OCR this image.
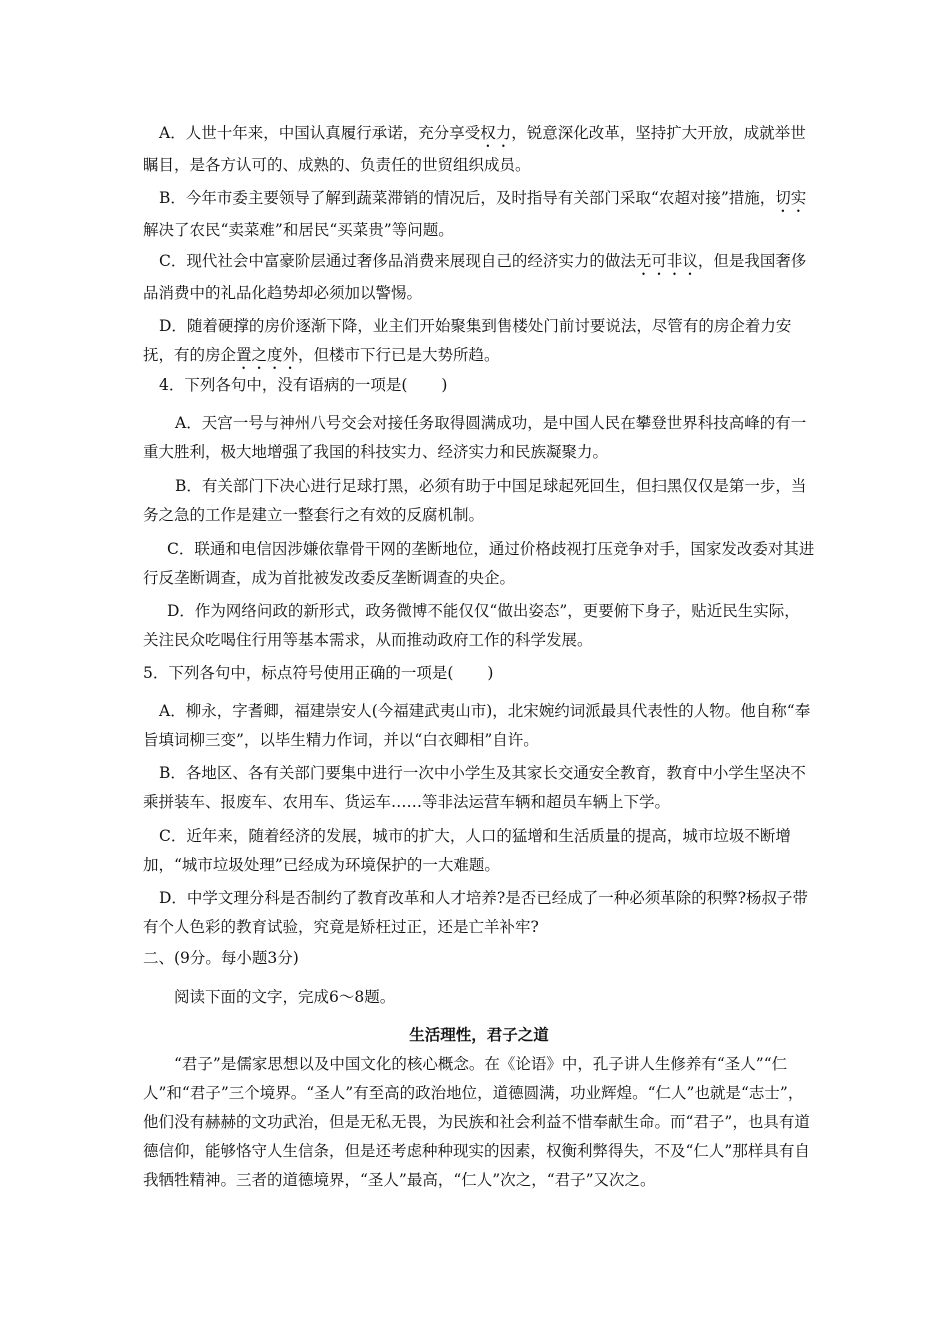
A．人世十年来，中国认真履行承诺，充分享受权力，锐意深化改革，坚持扩大开放，成就举世瞩目，是各方认可的、成熟的、负责任的世贸组织成员。

B．今年市委主要领导了解到蔬菜滞销的情况后，及时指导有关部门采取“农超对接”措施，切实解决了农民“卖菜难”和居民“买菜贵”等问题。

C．现代社会中富豪阶层通过奢侈品消费来展现自己的经济实力的做法无可非议，但是我国奢侈品消费中的礼品化趋势却必须加以警惕。

D．随着硬撑的房价逐渐下降，业主们开始聚集到售楼处门前讨要说法，尽管有的房企着力安抚，有的房企置之度外，但楼市下行已是大势所趋。

4．下列各句中，没有语病的一项是( )

A．天宫一号与神州八号交会对接任务取得圆满成功，是中国人民在攀登世界科技高峰的有一重大胜利，极大地增强了我国的科技实力、经济实力和民族凝聚力。

B．有关部门下决心进行足球打黑，必须有助于中国足球起死回生，但扫黑仅仅是第一步，当务之急的工作是建立一整套行之有效的反腐机制。

C．联通和电信因涉嫌依靠骨干网的垄断地位，通过价格歧视打压竞争对手，国家发改委对其进行反垄断调查，成为首批被发改委反垄断调查的央企。

D．作为网络问政的新形式，政务微博不能仅仅“做出姿态”，更要俯下身子，贴近民生实际，关注民众吃喝住行用等基本需求，从而推动政府工作的科学发展。

5．下列各句中，标点符号使用正确的一项是( )

A．柳永，字耆卿，福建崇安人(今福建武夷山市)，北宋婉约词派最具代表性的人物。他自称“奉旨填词柳三变”，以毕生精力作词，并以“白衣卿相”自许。

B．各地区、各有关部门要集中进行一次中小学生及其家长交通安全教育，教育中小学生坚决不乘拼装车、报废车、农用车、货运车……等非法运营车辆和超员车辆上下学。

C．近年来，随着经济的发展，城市的扩大，人口的猛增和生活质量的提高，城市垃圾不断增加，“城市垃圾处理”已经成为环境保护的一大难题。

D．中学文理分科是否制约了教育改革和人才培养?是否已经成了一种必须革除的积弊?杨叔子带有个人色彩的教育试验，究竟是矫枉过正，还是亡羊补牢?

二、(9分。每小题3分)

阅读下面的文字，完成6～8题。

生活理性，君子之道

“君子”是儒家思想以及中国文化的核心概念。在《论语》中，孔子讲人生修养有“圣人”“仁人”和“君子”三个境界。“圣人”有至高的政治地位，道德圆满，功业辉煌。“仁人”也就是“志士”，他们没有赫赫的文功武治，但是无私无畏，为民族和社会利益不惜奉献生命。而“君子”，也具有道德信仰，能够恪守人生信条，但是还考虑种种现实的因素，权衡利弊得失，不及“仁人”那样具有自我牺牲精神。三者的道德境界，“圣人”最高，“仁人”次之，“君子”又次之。
